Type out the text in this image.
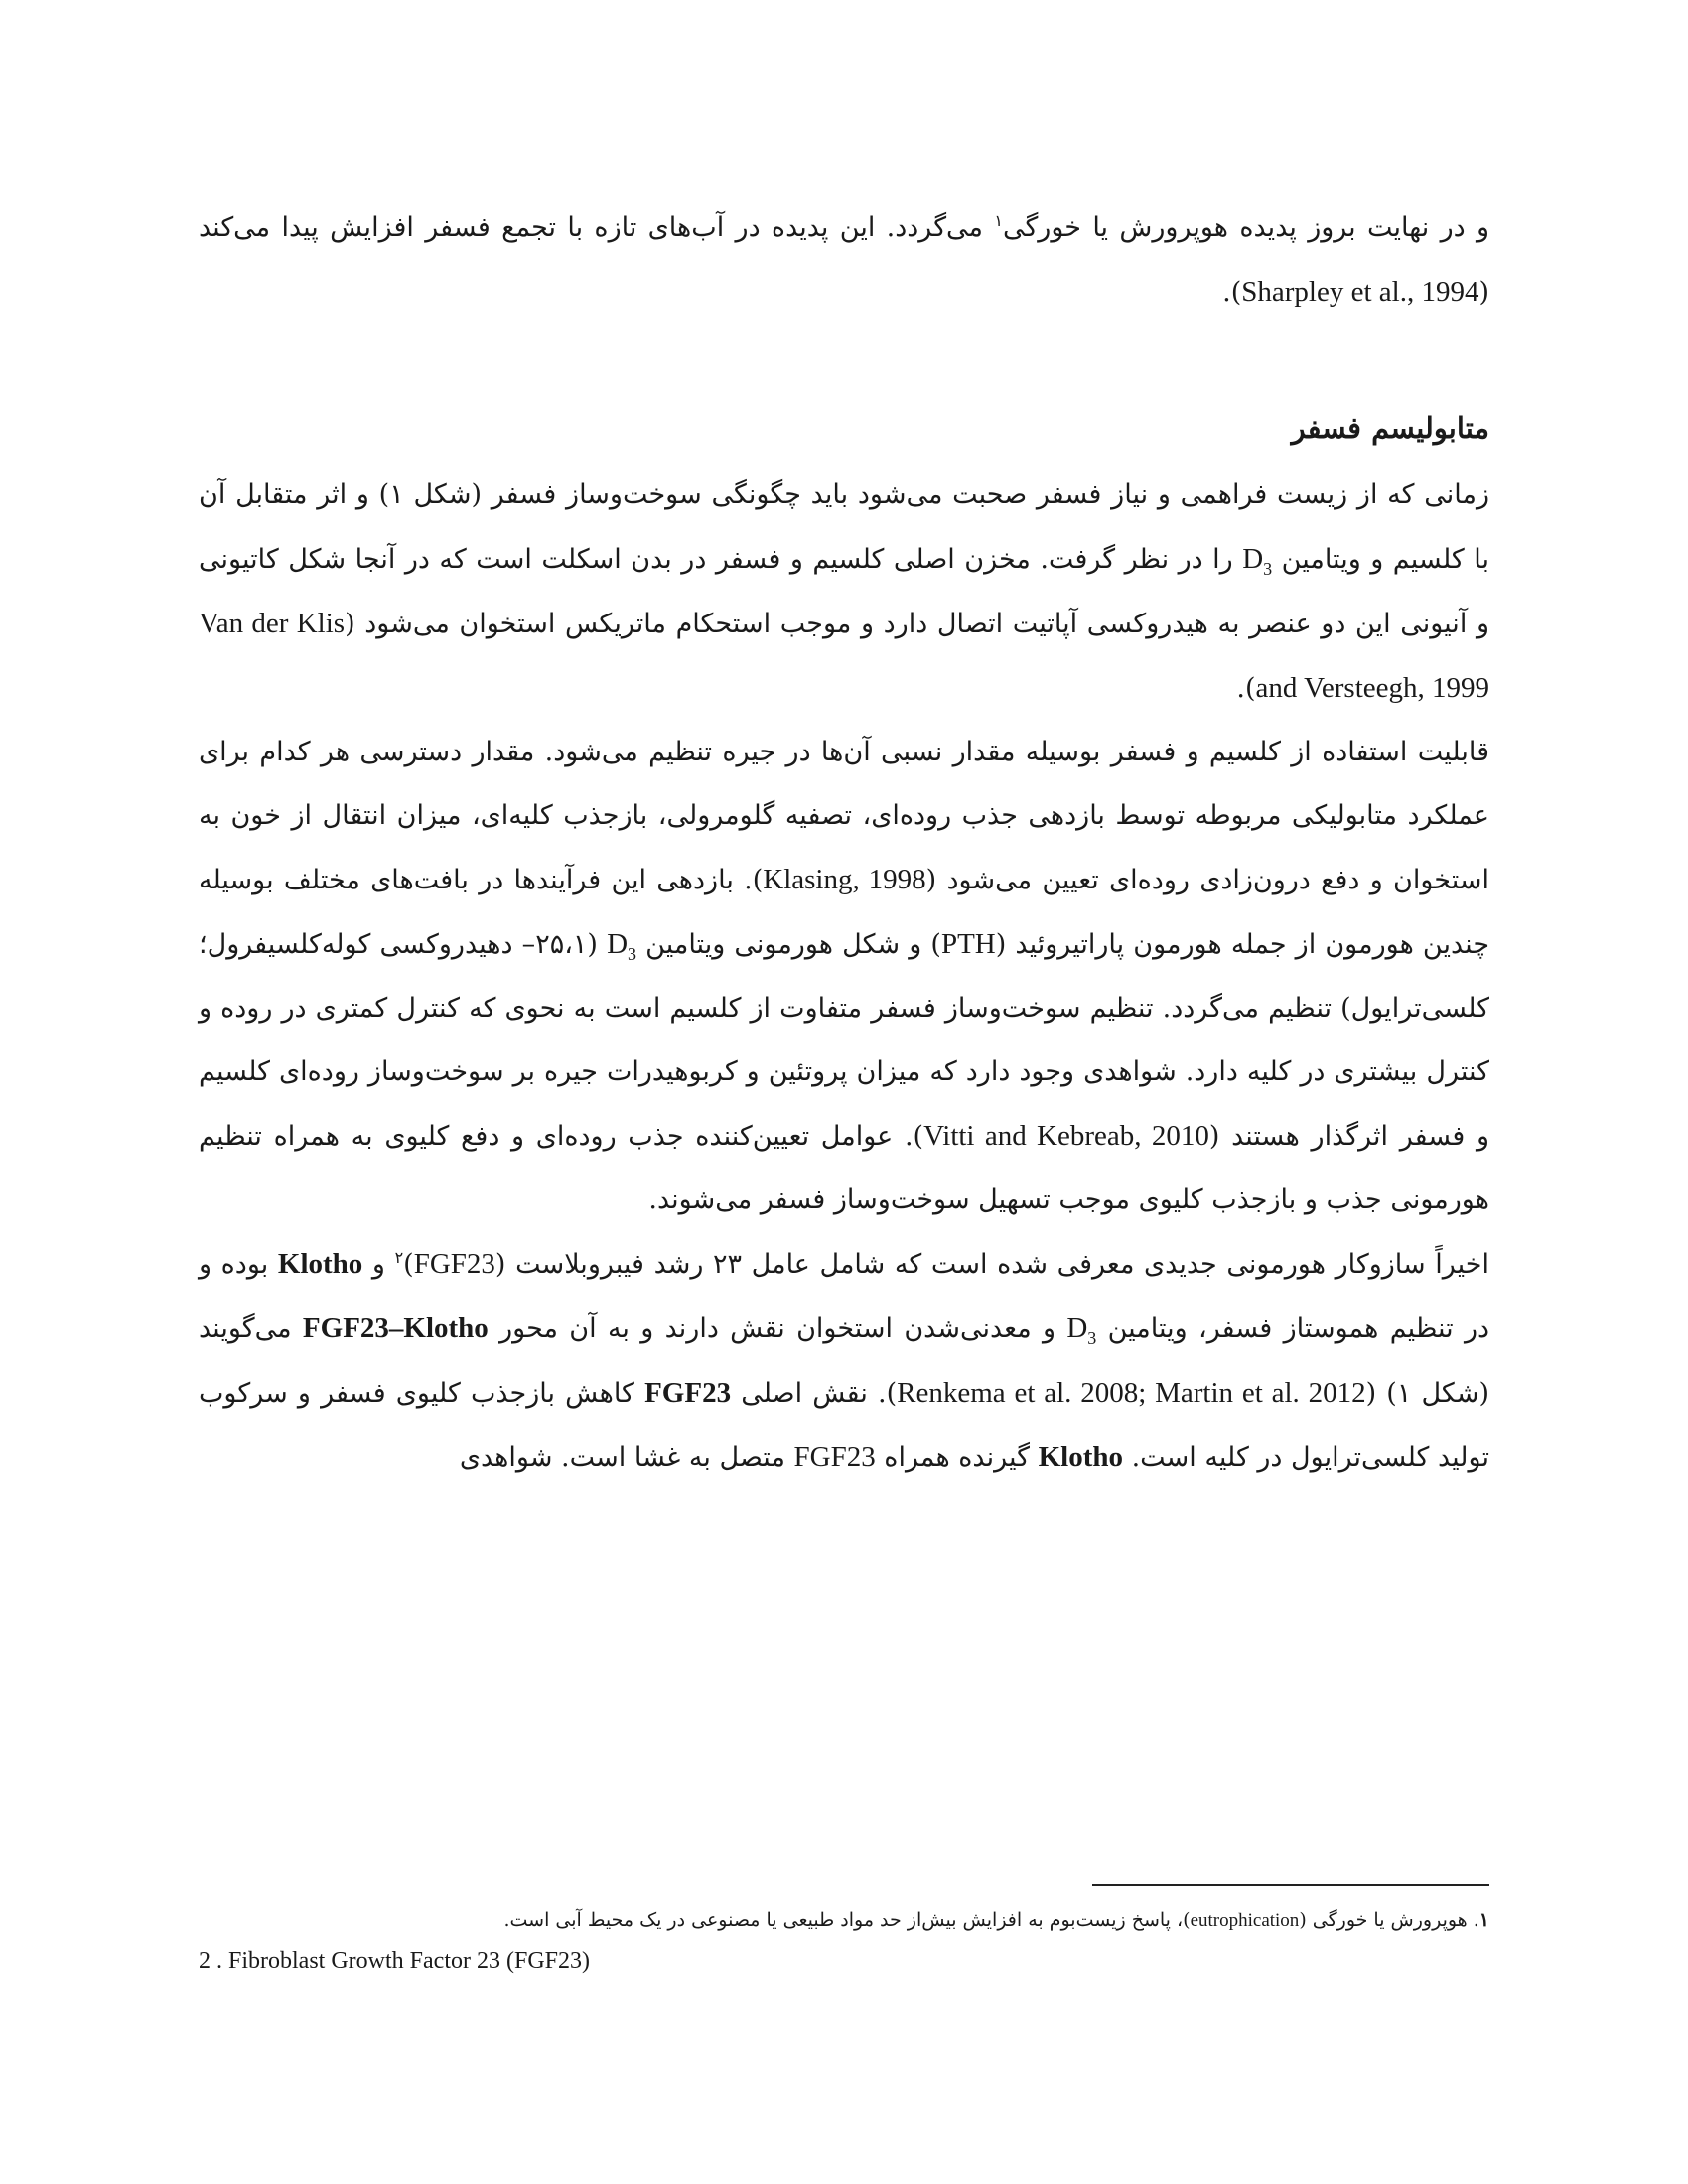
و در نهایت بروز پدیده هوپرورش یا خورگی$^۱$ می‌گردد. این پدیده در آب‌های تازه با تجمع فسفر افزایش پیدا می‌کند (Sharpley et al., 1994).

متابولیسم فسفر

زمانی که از زیست فراهمی و نیاز فسفر صحبت می‌شود باید چگونگی سوخت‌وساز فسفر (شکل ۱) و اثر متقابل آن با کلسیم و ویتامین $D_3$ را در نظر گرفت. مخزن اصلی کلسیم و فسفر در بدن اسکلت است که در آنجا شکل کاتیونی و آنیونی این دو عنصر به هیدروکسی آپاتیت اتصال دارد و موجب استحکام ماتریکس استخوان می‌شود (Van der Klis and Versteegh, 1999).

قابلیت استفاده از کلسیم و فسفر بوسیله مقدار نسبی آن‌ها در جیره تنظیم می‌شود. مقدار دسترسی هر کدام برای عملکرد متابولیکی مربوطه توسط بازدهی جذب روده‌ای، تصفیه گلومرولی، بازجذب کلیه‌ای، میزان انتقال از خون به استخوان و دفع درون‌زادی روده‌ای تعیین می‌شود (Klasing, 1998). بازدهی این فرآیندها در بافت‌های مختلف بوسیله چندین هورمون از جمله هورمون پاراتیروئید (PTH) و شکل هورمونی ویتامین $D_3$ (۲۵،۱– دهیدروکسی کوله‌کلسیفرول؛ کلسی‌ترایول) تنظیم می‌گردد. تنظیم سوخت‌وساز فسفر متفاوت از کلسیم است به نحوی که کنترل کمتری در روده و کنترل بیشتری در کلیه دارد. شواهدی وجود دارد که میزان پروتئین و کربوهیدرات جیره بر سوخت‌وساز روده‌ای کلسیم و فسفر اثرگذار هستند (Vitti and Kebreab, 2010). عوامل تعیین‌کننده جذب روده‌ای و دفع کلیوی به همراه تنظیم هورمونی جذب و بازجذب کلیوی موجب تسهیل سوخت‌وساز فسفر می‌شوند.

اخیراً سازوکار هورمونی جدیدی معرفی شده است که شامل عامل ۲۳ رشد فیبروبلاست (FGF23)$^۲$ و Klotho بوده و در تنظیم هموستاز فسفر، ویتامین $D_3$ و معدنی‌شدن استخوان نقش دارند و به آن محور FGF23–Klotho می‌گویند (شکل ۱) (Renkema et al. 2008; Martin et al. 2012). نقش اصلی FGF23 کاهش بازجذب کلیوی فسفر و سرکوب تولید کلسی‌ترایول در کلیه است. Klotho گیرنده همراه FGF23 متصل به غشا است. شواهدی

۱. هوپرورش یا خورگی (eutrophication)، پاسخ زیست‌بوم به افزایش بیش‌از حد مواد طبیعی یا مصنوعی در یک محیط آبی است.
2 . Fibroblast Growth Factor 23 (FGF23)
